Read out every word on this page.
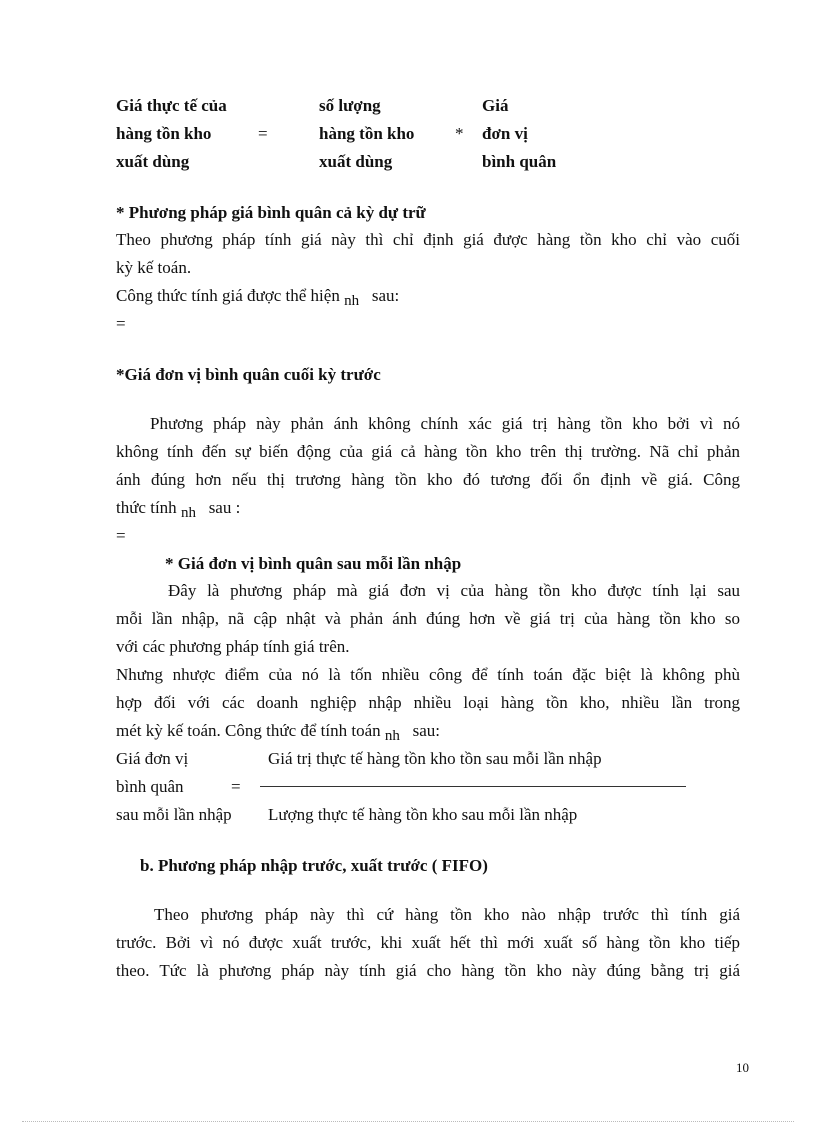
Giá thực tế của
hàng tồn kho
xuất dùng
=
số lượng
hàng tồn kho
xuất dùng
*
Giá
đơn vị
bình quân
* Phương pháp giá bình quân cả kỳ dự trữ
Theo phương pháp tính giá này thì chỉ định giá được hàng tồn kho chỉ vào cuối
kỳ kế toán.
Công thức tính giá được thể hiện nh sau:
=
*Giá đơn vị bình quân cuối kỳ trước
Phương pháp này phản ánh không chính xác giá trị hàng tồn kho bởi vì nó
không tính đến sự biến động của giá cả hàng tồn kho trên thị trường. Nã chỉ phản
ánh đúng hơn nếu thị trương hàng tồn kho đó tương đối ổn định về giá. Công
thức tính nh sau :
=
* Giá đơn vị bình quân sau mỗi lần nhập
Đây là phương pháp mà giá đơn vị của hàng tồn kho được tính lại sau
mỗi lần nhập, nã cập nhật và phản ánh đúng hơn về giá trị của hàng tồn kho so
với các phương pháp tính giá trên.
Nhưng nhược điểm của nó là tốn nhiều công để tính toán đặc biệt là không phù
hợp đối với các doanh nghiệp nhập nhiều loại hàng tồn kho, nhiều lần trong
mét kỳ kế toán. Công thức để tính toán nh sau:
Giá đơn vị	Giá trị thực tế hàng tồn kho tồn sau mỗi lần nhập
bình quân	=
sau mỗi lần nhập Lượng thực tế hàng tồn kho sau mỗi lần nhập
b. Phương pháp nhập trước, xuất trước ( FIFO)
Theo phương pháp này thì cứ hàng tồn kho nào nhập trước thì tính giá
trước. Bởi vì nó được xuất trước, khi xuất hết thì mới xuất số hàng tồn kho tiếp
theo. Tức là phương pháp này tính giá cho hàng tồn kho này đúng bằng trị giá
10
